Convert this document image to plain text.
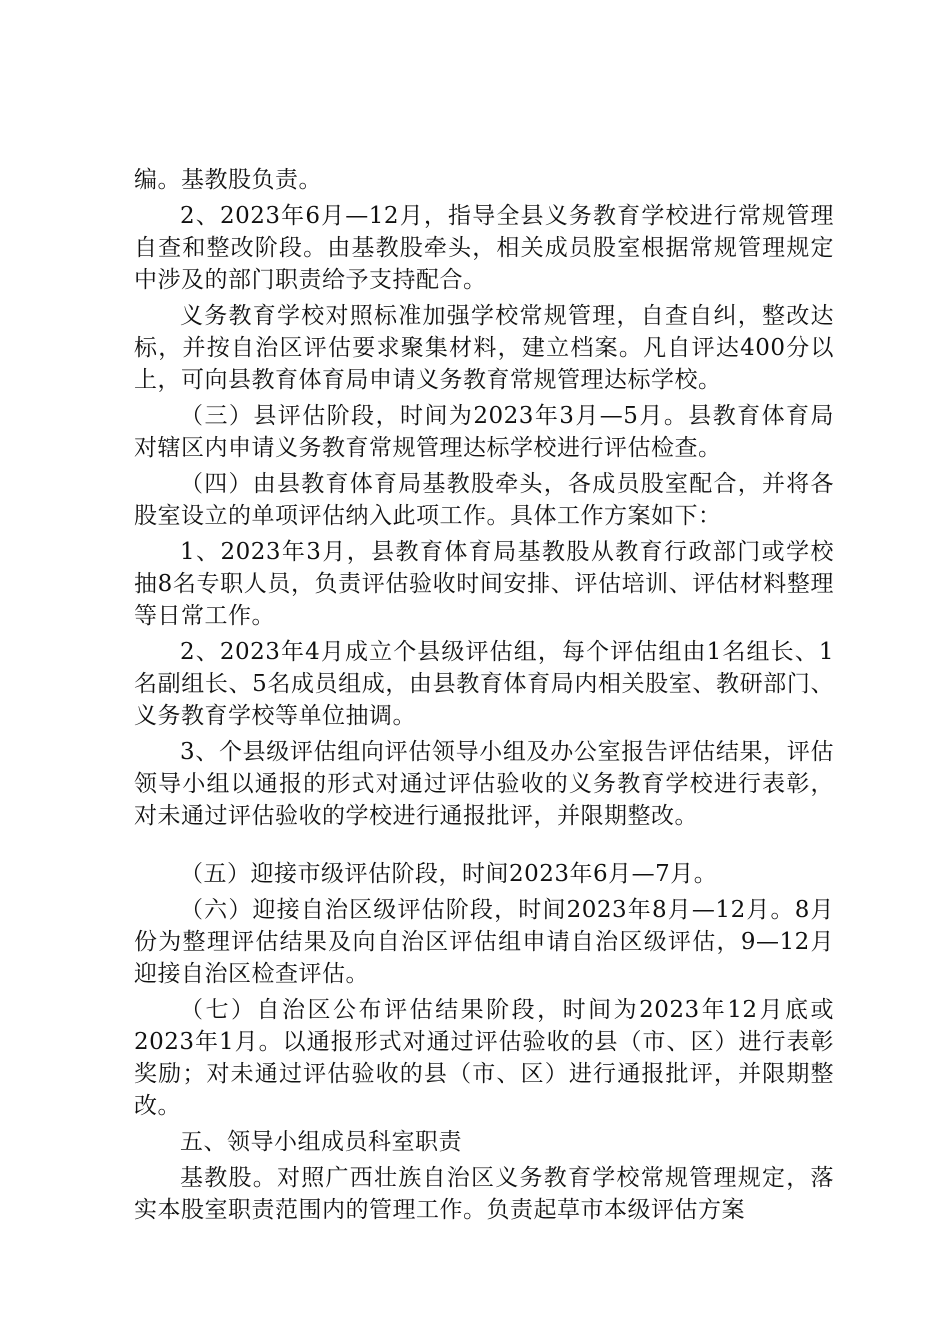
编。基教股负责。

2、2023年6月—12月，指导全县义务教育学校进行常规管理自查和整改阶段。由基教股牵头，相关成员股室根据常规管理规定中涉及的部门职责给予支持配合。

义务教育学校对照标准加强学校常规管理，自查自纠，整改达标，并按自治区评估要求聚集材料，建立档案。凡自评达400分以上，可向县教育体育局申请义务教育常规管理达标学校。

（三）县评估阶段，时间为2023年3月—5月。县教育体育局对辖区内申请义务教育常规管理达标学校进行评估检查。

（四）由县教育体育局基教股牵头，各成员股室配合，并将各股室设立的单项评估纳入此项工作。具体工作方案如下：

1、2023年3月，县教育体育局基教股从教育行政部门或学校抽8名专职人员，负责评估验收时间安排、评估培训、评估材料整理等日常工作。

2、2023年4月成立个县级评估组，每个评估组由1名组长、1名副组长、5名成员组成，由县教育体育局内相关股室、教研部门、义务教育学校等单位抽调。

3、个县级评估组向评估领导小组及办公室报告评估结果，评估领导小组以通报的形式对通过评估验收的义务教育学校进行表彰，对未通过评估验收的学校进行通报批评，并限期整改。

（五）迎接市级评估阶段，时间2023年6月—7月。

（六）迎接自治区级评估阶段，时间2023年8月—12月。8月份为整理评估结果及向自治区评估组申请自治区级评估，9—12月迎接自治区检查评估。

（七）自治区公布评估结果阶段，时间为2023年12月底或2023年1月。以通报形式对通过评估验收的县（市、区）进行表彰奖励；对未通过评估验收的县（市、区）进行通报批评，并限期整改。

五、领导小组成员科室职责

基教股。对照广西壮族自治区义务教育学校常规管理规定，落实本股室职责范围内的管理工作。负责起草市本级评估方案
